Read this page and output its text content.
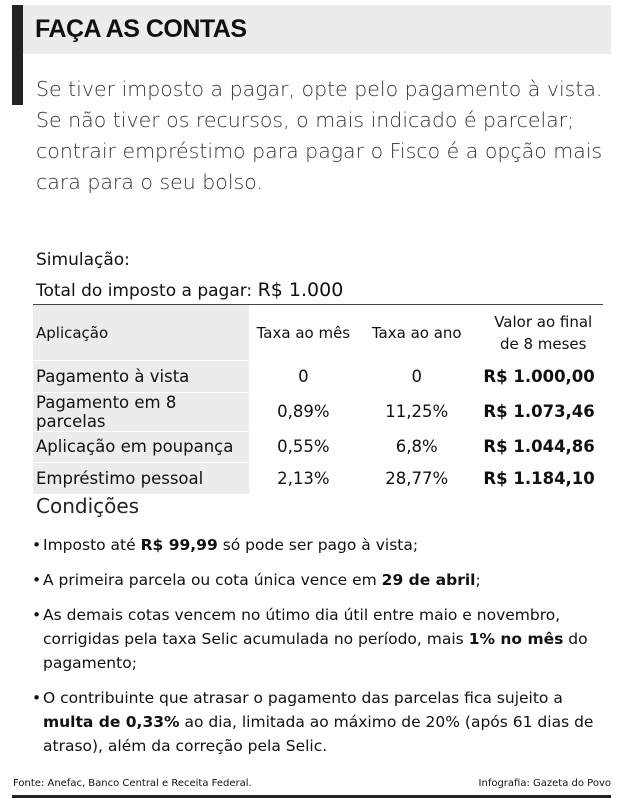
FAÇA AS CONTAS

Se tiver imposto a pagar, opte pelo pagamento à vista. Se não tiver os recursos, o mais indicado é parcelar; contrair empréstimo para pagar o Fisco é a opção mais cara para o seu bolso.

Simulação:

Total do imposto a pagar: R$ 1.000

Aplicação	Taxa ao mês	Taxa ao ano	Valor ao final
de 8 meses
Pagamento à vista	0	0	R$ 1.000,00
Pagamento em 8 parcelas	0,89%	11,25%	R$ 1.073,46
Aplicação em poupança	0,55%	6,8%	R$ 1.044,86
Empréstimo pessoal	2,13%	28,77%	R$ 1.184,10

Condições

• Imposto até R$ 99,99 só pode ser pago à vista;
• A primeira parcela ou cota única vence em 29 de abril;
• As demais cotas vencem no útimo dia útil entre maio e novembro, corrigidas pela taxa Selic acumulada no período, mais 1% no mês do pagamento;
• O contribuinte que atrasar o pagamento das parcelas fica sujeito a multa de 0,33% ao dia, limitada ao máximo de 20% (após 61 dias de atraso), além da correção pela Selic.

Fonte: Anefac, Banco Central e Receita Federal.	Infografia: Gazeta do Povo
